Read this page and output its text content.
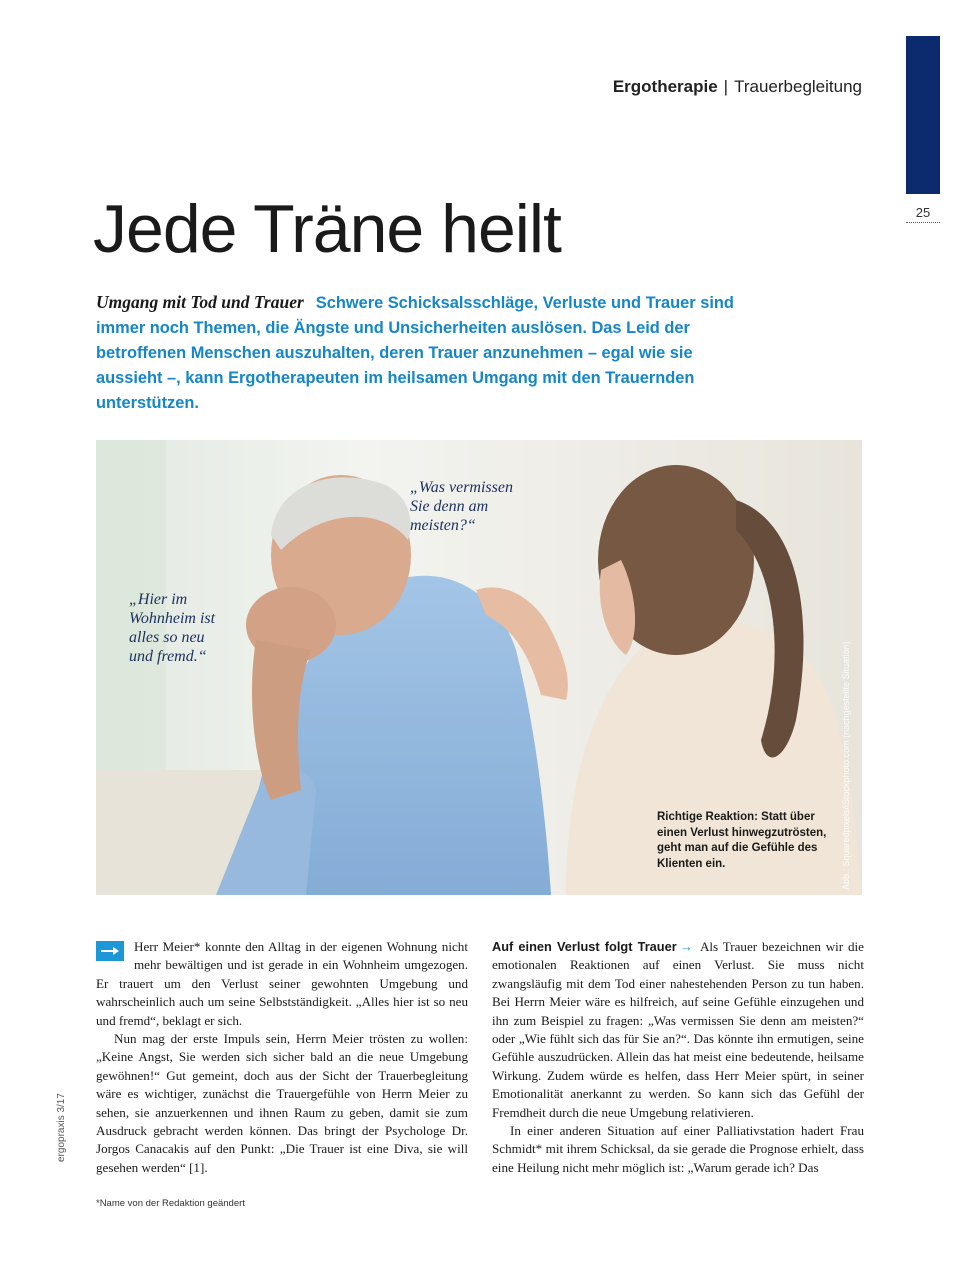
25
Ergotherapie | Trauerbegleitung
Jede Träne heilt

Umgang mit Tod und Trauer Schwere Schicksalsschläge, Verluste und Trauer sind immer noch Themen, die Ängste und Unsicherheiten auslösen. Das Leid der betroffenen Menschen auszuhalten, deren Trauer anzunehmen – egal wie sie aussieht –, kann Ergotherapeuten im heilsamen Umgang mit den Trauernden unterstützen.

„Was vermissen
Sie denn am
meisten?“
„Hier im
Wohnheim ist
alles so neu
und fremd.“
Richtige Reaktion: Statt über einen Verlust hinwegzutrösten, geht man auf die Gefühle des Klienten ein.	Abb.: Squaredpixels/iStockphoto.com (nachgestellte Situation)

Herr Meier* konnte den Alltag in der eigenen Wohnung nicht mehr bewältigen und ist gerade in ein Wohnheim umgezogen. Er trauert um den Verlust seiner gewohnten Umgebung und wahrscheinlich auch um seine Selbstständigkeit. „Alles hier ist so neu und fremd“, beklagt er sich.

Nun mag der erste Impuls sein, Herrn Meier trösten zu wollen: „Keine Angst, Sie werden sich sicher bald an die neue Umgebung gewöhnen!“ Gut gemeint, doch aus der Sicht der Trauerbegleitung wäre es wichtiger, zunächst die Trauergefühle von Herrn Meier zu sehen, sie anzuerkennen und ihnen Raum zu geben, damit sie zum Ausdruck gebracht werden können. Das bringt der Psychologe Dr. Jorgos Canacakis auf den Punkt: „Die Trauer ist eine Diva, sie will gesehen werden“ [1].

Auf einen Verlust folgt Trauer → Als Trauer bezeichnen wir die emotionalen Reaktionen auf einen Verlust. Sie muss nicht zwangsläufig mit dem Tod einer nahestehenden Person zu tun haben. Bei Herrn Meier wäre es hilfreich, auf seine Gefühle einzugehen und ihn zum Beispiel zu fragen: „Was vermissen Sie denn am meisten?“ oder „Wie fühlt sich das für Sie an?“. Das könnte ihn ermutigen, seine Gefühle auszudrücken. Allein das hat meist eine bedeutende, heilsame Wirkung. Zudem würde es helfen, dass Herr Meier spürt, in seiner Emotionalität anerkannt zu werden. So kann sich das Gefühl der Fremdheit durch die neue Umgebung relativieren.

In einer anderen Situation auf einer Palliativstation hadert Frau Schmidt* mit ihrem Schicksal, da sie gerade die Prognose erhielt, dass eine Heilung nicht mehr möglich ist: „Warum gerade ich? Das

ergopraxis 3/17
*Name von der Redaktion geändert
